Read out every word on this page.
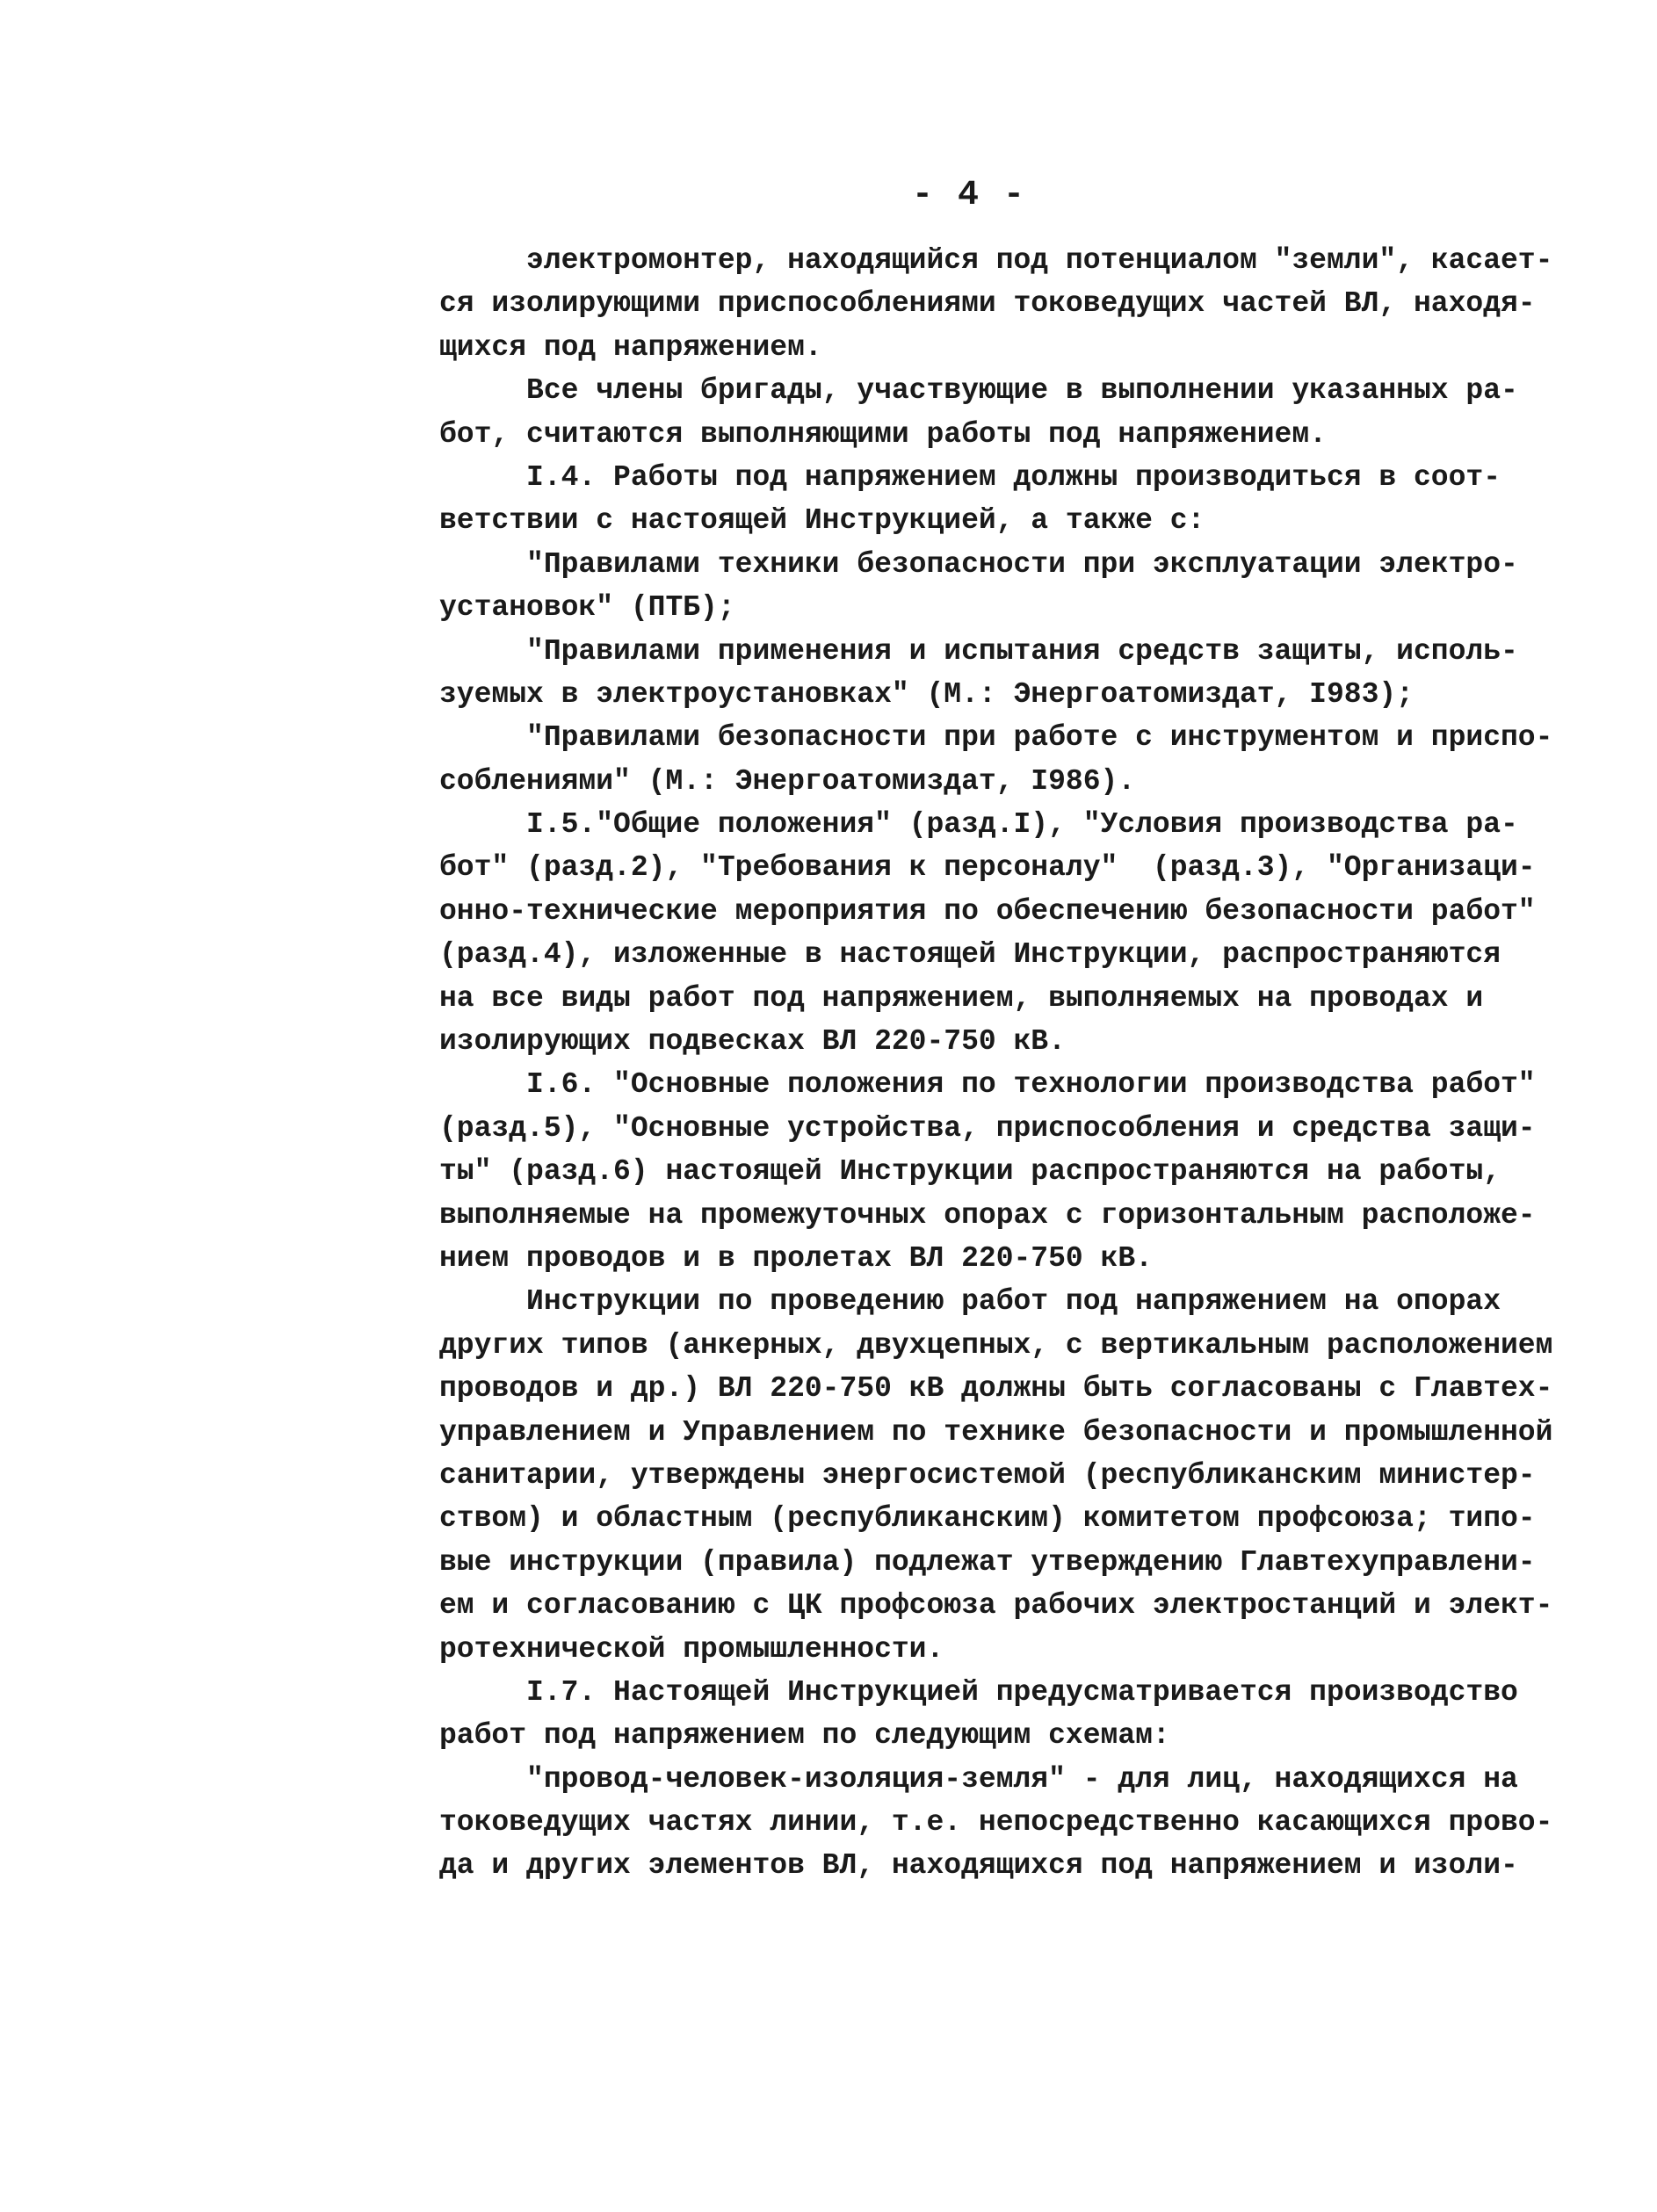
- 4 -
электромонтер, находящийся под потенциалом "земли", касает-
ся изолирующими приспособлениями токоведущих частей ВЛ, находя-
щихся под напряжением.
Все члены бригады, участвующие в выполнении указанных ра-
бот, считаются выполняющими работы под напряжением.
I.4. Работы под напряжением должны производиться в соот-
ветствии с настоящей Инструкцией, а также с:
"Правилами техники безопасности при эксплуатации электро-
установок" (ПТБ);
"Правилами применения и испытания средств защиты, исполь-
зуемых в электроустановках" (М.: Энергоатомиздат, I983);
"Правилами безопасности при работе с инструментом и приспо-
соблениями" (М.: Энергоатомиздат, I986).
I.5."Общие положения" (разд.I), "Условия производства ра-
бот" (разд.2), "Требования к персоналу"  (разд.3), "Организаци-
онно-технические мероприятия по обеспечению безопасности работ"
(разд.4), изложенные в настоящей Инструкции, распространяются
на все виды работ под напряжением, выполняемых на проводах и
изолирующих подвесках ВЛ 220-750 кВ.
I.6. "Основные положения по технологии производства работ"
(разд.5), "Основные устройства, приспособления и средства защи-
ты" (разд.6) настоящей Инструкции распространяются на работы,
выполняемые на промежуточных опорах с горизонтальным расположе-
нием проводов и в пролетах ВЛ 220-750 кВ.
Инструкции по проведению работ под напряжением на опорах
других типов (анкерных, двухцепных, с вертикальным расположением
проводов и др.) ВЛ 220-750 кВ должны быть согласованы с Главтех-
управлением и Управлением по технике безопасности и промышленной
санитарии, утверждены энергосистемой (республиканским министер-
ством) и областным (республиканским) комитетом профсоюза; типо-
вые инструкции (правила) подлежат утверждению Главтехуправлени-
ем и согласованию с ЦК профсоюза рабочих электростанций и элект-
ротехнической промышленности.
I.7. Настоящей Инструкцией предусматривается производство
работ под напряжением по следующим схемам:
"провод-человек-изоляция-земля" - для лиц, находящихся на
токоведущих частях линии, т.е. непосредственно касающихся прово-
да и других элементов ВЛ, находящихся под напряжением и изоли-
